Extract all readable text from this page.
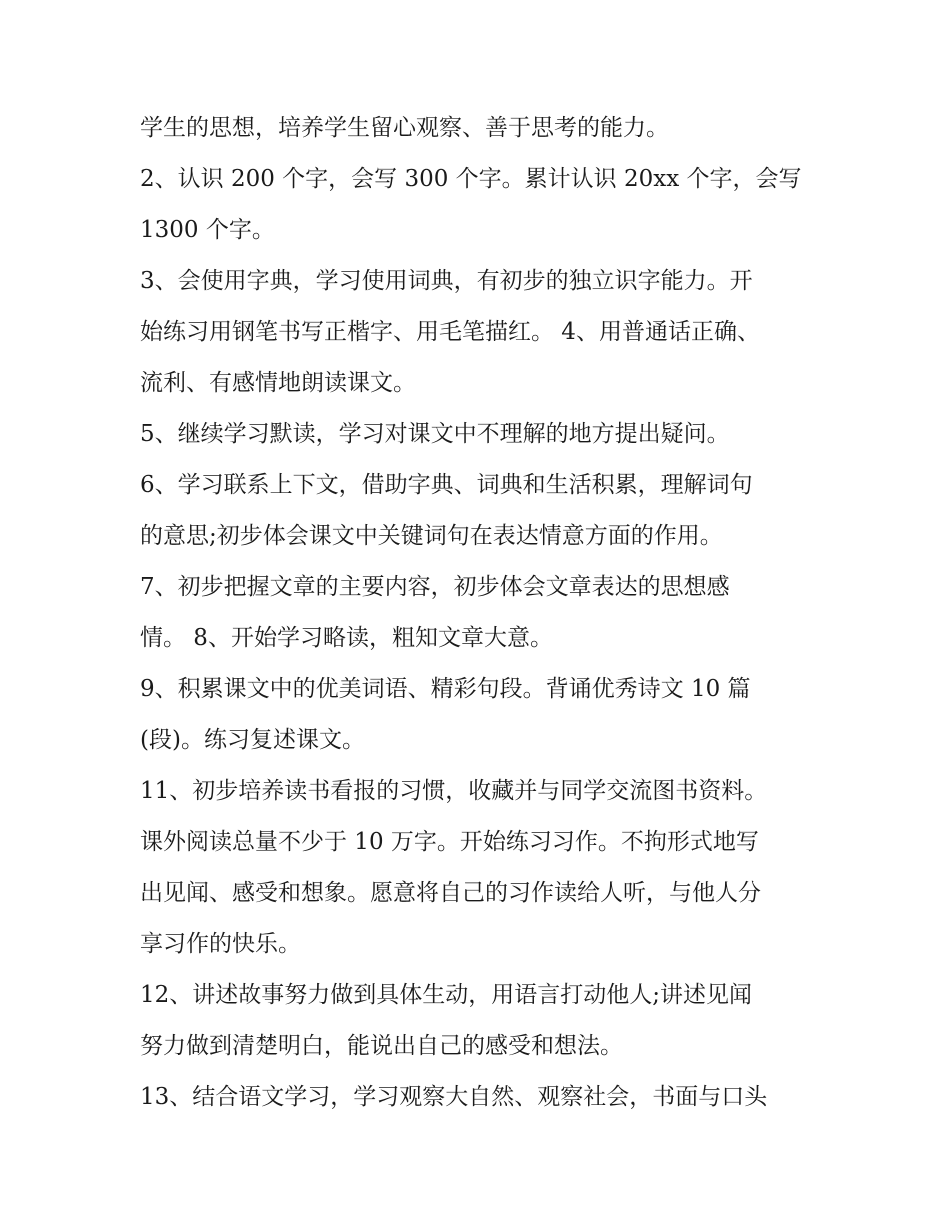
学生的思想，培养学生留心观察、善于思考的能力。
2、认识 200 个字，会写 300 个字。累计认识 20xx 个字，会写
1300 个字。
3、会使用字典，学习使用词典，有初步的独立识字能力。开
始练习用钢笔书写正楷字、用毛笔描红。 4、用普通话正确、
流利、有感情地朗读课文。
5、继续学习默读，学习对课文中不理解的地方提出疑问。
6、学习联系上下文，借助字典、词典和生活积累，理解词句
的意思;初步体会课文中关键词句在表达情意方面的作用。
7、初步把握文章的主要内容，初步体会文章表达的思想感
情。 8、开始学习略读，粗知文章大意。
9、积累课文中的优美词语、精彩句段。背诵优秀诗文 10 篇
(段)。练习复述课文。
11、初步培养读书看报的习惯，收藏并与同学交流图书资料。
课外阅读总量不少于 10 万字。开始练习习作。不拘形式地写
出见闻、感受和想象。愿意将自己的习作读给人听，与他人分
享习作的快乐。
12、讲述故事努力做到具体生动，用语言打动他人;讲述见闻
努力做到清楚明白，能说出自己的感受和想法。
13、结合语文学习，学习观察大自然、观察社会，书面与口头
